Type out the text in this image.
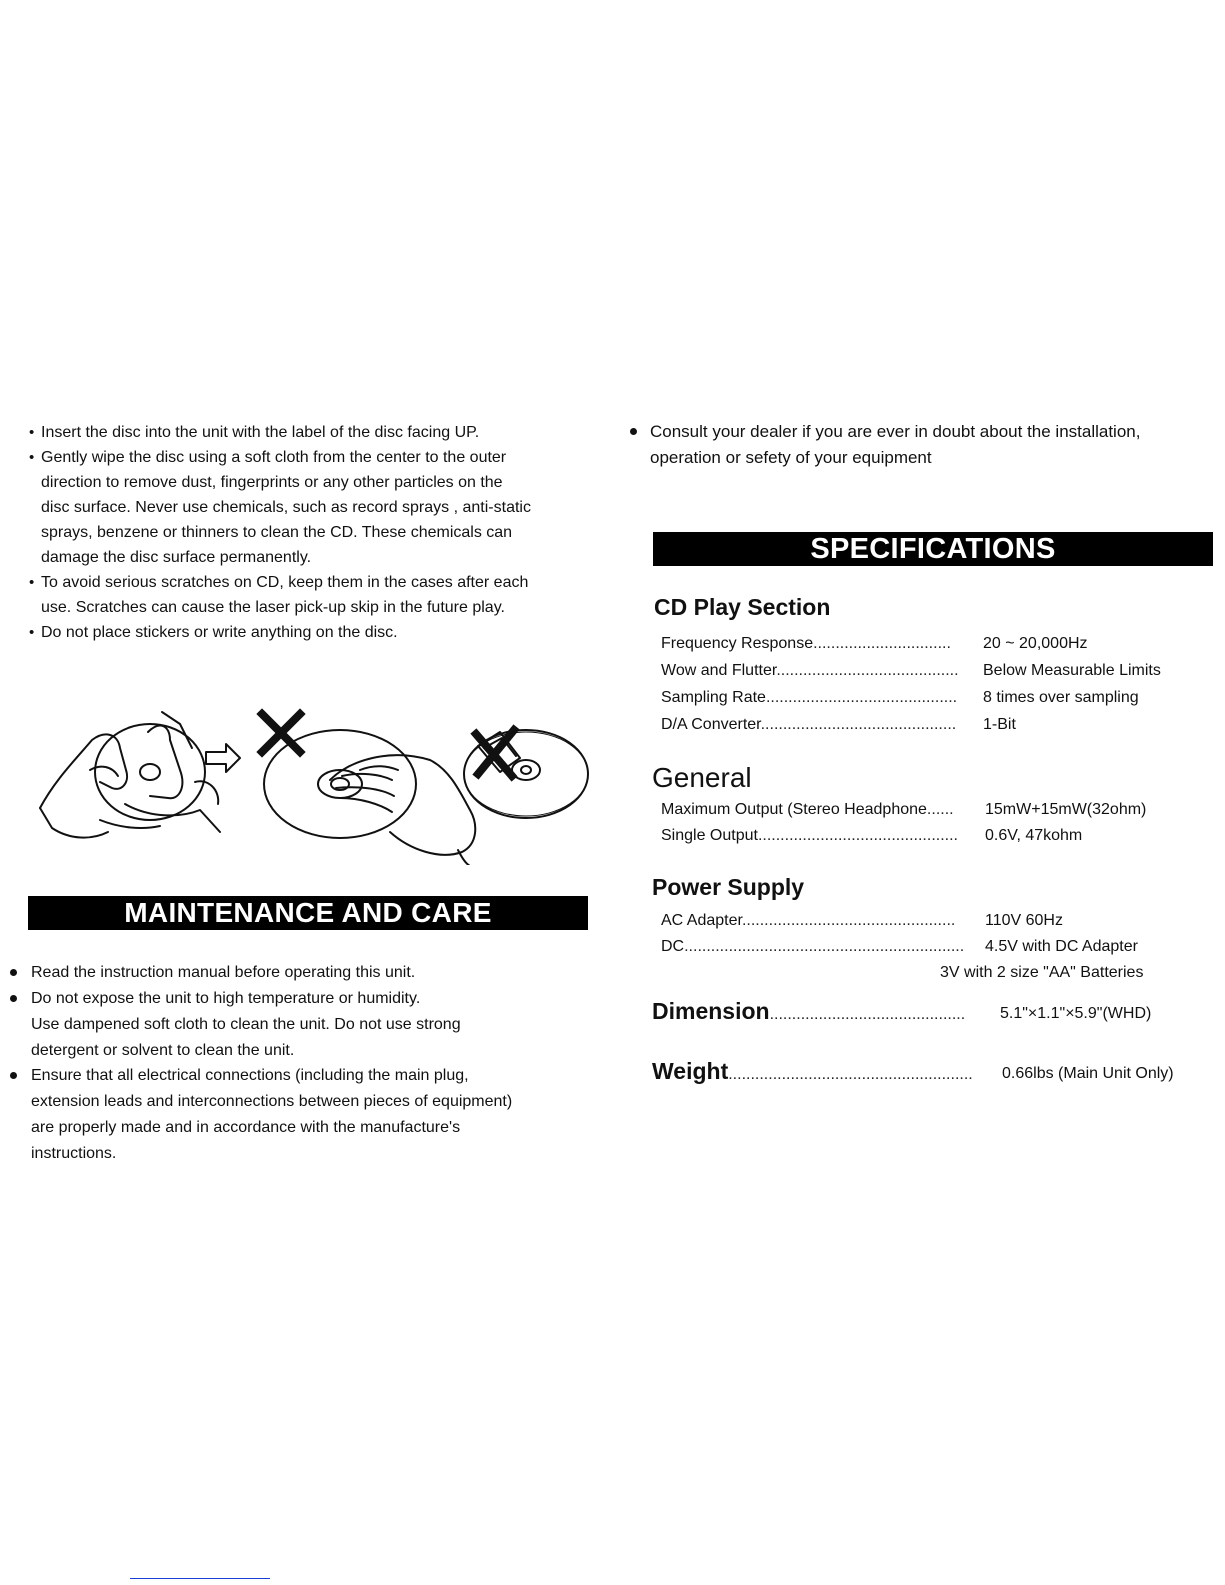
• Insert the disc into the unit with the label of the disc facing UP.
• Gently wipe the disc using a soft cloth from the center to the outer
direction to remove dust, fingerprints or any other particles on the
disc surface. Never use chemicals, such as record sprays , anti-static
sprays, benzene or thinners to clean the CD. These chemicals can
damage the disc surface permanently.
• To avoid serious scratches on CD, keep them in the cases after each
use. Scratches can cause the laser pick-up skip in the future play.
• Do not place stickers or write anything on the disc.
MAINTENANCE AND CARE
Read the instruction manual before operating this unit.
Do not expose the unit to high temperature or humidity.
Use dampened soft cloth to clean the unit. Do not use strong
detergent or solvent to clean the unit.
Ensure that all electrical connections (including the main plug,
extension leads and interconnections between pieces of equipment)
are properly made and in accordance with the manufacture's
instructions.
Consult your dealer if you are ever in doubt about the installation,
operation or sefety of your equipment
SPECIFICATIONS
CD Play Section
Frequency Response............................... 20 ~ 20,000Hz
Wow and Flutter......................................... Below Measurable Limits
Sampling Rate........................................... 8 times over sampling
D/A Converter............................................ 1-Bit
General
Maximum Output (Stereo Headphone...... 15mW+15mW(32ohm)
Single Output............................................. 0.6V, 47kohm
Power Supply
AC Adapter................................................ 110V 60Hz
DC............................................................... 4.5V with DC Adapter
3V with 2 size "AA" Batteries
Dimension............................................ 5.1"×1.1"×5.9"(WHD)
Weight....................................................... 0.66lbs (Main Unit Only)
